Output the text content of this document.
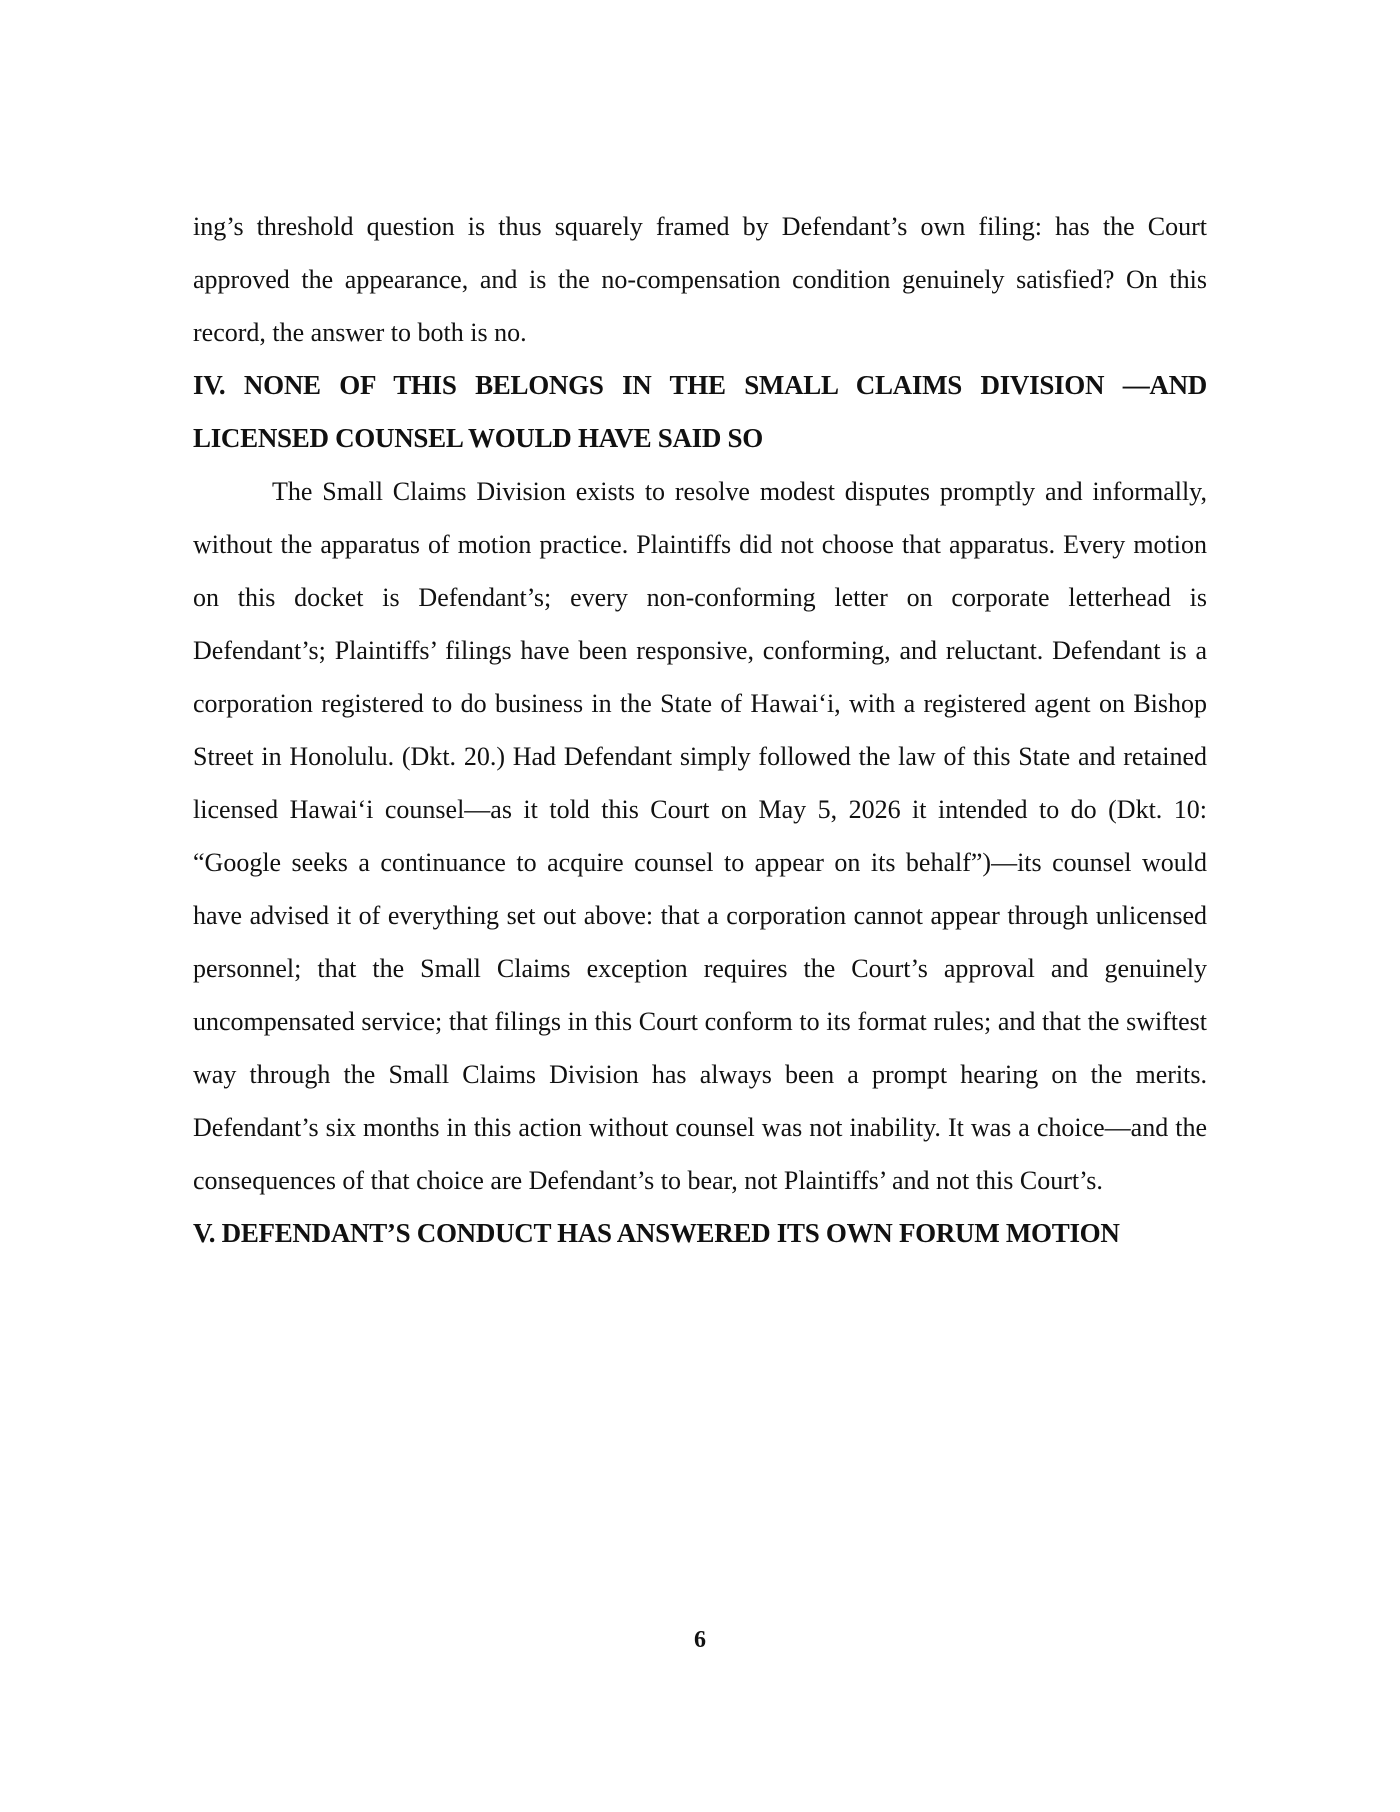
ing’s threshold question is thus squarely framed by Defendant’s own filing: has the Court approved the appearance, and is the no-compensation condition genuinely satisfied? On this record, the answer to both is no.

IV. NONE OF THIS BELONGS IN THE SMALL CLAIMS DIVISION —AND LICENSED COUNSEL WOULD HAVE SAID SO

The Small Claims Division exists to resolve modest disputes promptly and informally, without the apparatus of motion practice. Plaintiffs did not choose that apparatus. Every motion on this docket is Defendant’s; every non-conforming letter on corporate letterhead is Defendant’s; Plaintiffs’ filings have been responsive, conforming, and reluctant. Defendant is a corporation registered to do business in the State of Hawai‘i, with a registered agent on Bishop Street in Honolulu. (Dkt. 20.) Had Defendant simply followed the law of this State and retained licensed Hawai‘i counsel—as it told this Court on May 5, 2026 it intended to do (Dkt. 10: “Google seeks a continuance to acquire counsel to appear on its behalf”)—its counsel would have advised it of everything set out above: that a corporation cannot appear through unlicensed personnel; that the Small Claims exception requires the Court’s approval and genuinely uncompensated service; that filings in this Court conform to its format rules; and that the swiftest way through the Small Claims Division has always been a prompt hearing on the merits. Defendant’s six months in this action without counsel was not inability. It was a choice—and the consequences of that choice are Defendant’s to bear, not Plaintiffs’ and not this Court’s.

V. DEFENDANT’S CONDUCT HAS ANSWERED ITS OWN FORUM MOTION

6
